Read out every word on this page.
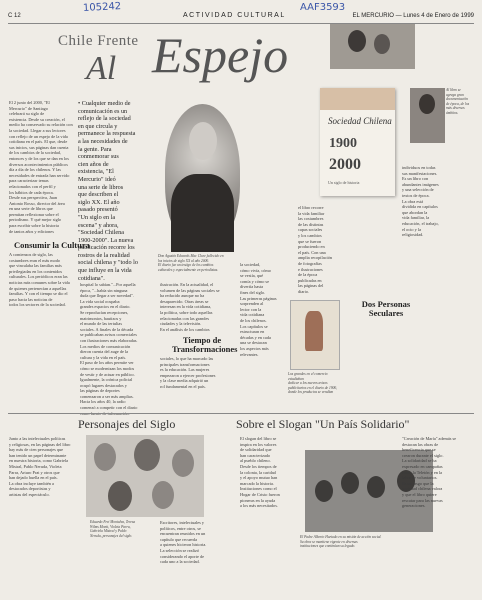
105242	AAF3593
C 12	ACTIVIDAD CULTURAL	EL MERCURIO — Lunes 4 de Enero de 1999
Chile Frente
Al Espejo
El 2 junio del 2000, "El
Mercurio" de Santiago
celebrará su siglo de
existencia. Desde su creación, el
medio ha conservado su relación con
la sociedad. Llegar a sus lectores
con reflejo de un espejo de la vida
cotidiana en el país. El que, desde
sus inicios, sus páginas dan cuenta
de los cambios de la sociedad,
entonces y de los que se dan en los
diversos acontecimientos públicos
día a día de los chilenos. Y las
necesidades de entrada han servido
para caracterizar temas
relacionados con el perfil y
los hábitos de cada época.
Desde sus perspectiva, Juan
Antonio Rosso, director del área
en una serie de libros que
permitan reflexionar sobre el
periodismo. Y qué mejor siglo
para escribir sobre la historia
de tantos años y ediciones
Consumir la Cultura
A comienzos de siglo, las
costumbres eran el más modo
que vinculaba las familias más
privilegiadas en los contenidos
culturales. Los periódicos eran las
noticias más comunes sobre la vida
de quienes pertenecían a aquellas
familias. Y con el tiempo se dio el
paso hacia las noticias de
todos los sectores de la sociedad.
• Cualquier medio de
comunicación es un
reflejo de la sociedad
en que circula y
permanece la respuesta
a las necesidades de
la gente. Para
conmemorar sus
cien años de
existencia, "El
Mercurio" ideó
una serie de libros
que describen el
siglo XX. El año
pasado presentó
"Un siglo en la
escena" y ahora,
"Sociedad Chilena
1900-2000". La nueva
publicación recorre los
rostros de la realidad
social chilena y "todo lo
que influye en la vida
cotidiana".
Don Agustín Edwards Mac Clure fallecido en
los inicios de siglo XX al año 2000.
El diario fue un testigo de los cambios
culturales y especialmente en periodistas.
hospital lo sabían."...Por aquella
época, "...había sin ninguna
duda que llegar a ser novedad".
La vida social ocupaba
grandes espacios en el diario.
Se reproducían recepciones,
matrimonios, bautizos y
el mundo de las tertulias
sociales. A finales de la década
se publicaban avisos comerciales
con ilustraciones más elaboradas.
Los medios de comunicación
dieron cuenta del auge de la
cultura y la vida en el país.
El paso de los años permite ver
cómo se modernizan los modos
de vestir y de actuar en público.
Igualmente, la crónica policial
ocupó lugares destacados y
las páginas de deportes
comenzaron a ser más amplias.
Hacia los años 40, la radio
comenzó a competir con el diario
como fuente de información.
ilustración. En la actualidad, el
volumen de las páginas sociales se
ha reducido aunque no ha
desaparecido. Otras áreas se
interesan en la vida cotidiana,
la política, sobre todo aquellas
relacionadas con las grandes
ciudades y la televisión.
En el análisis de los cambios
Tiempo de Transformaciones
sociales, lo que ha marcado las
principales transformaciones
es la educación. Las mujeres
empezaron a ejercer profesiones
y la clase media adquirió un
rol fundamental en el país.
la sociedad,
cómo vivía, cómo
se vestía, qué
comía y cómo se
divertía hasta
fines del siglo.
Las primeras páginas
sorprenden al
lector con la
vida cotidiana
de los chilenos.
Los capítulos se
estructuran en
décadas y en cada
una se destacan
los aspectos más
relevantes.
Al libro se
agrega gran
documentación
de época, de los
más diversos
ámbitos.
Sociedad Chilena
1900
2000
Un siglo de historia
el libro recorre
la vida familiar
las costumbres
de las distintas
capas sociales
y los cambios
que se fueron
produciendo en
el país. Con una
amplia recopilación
de fotografías
e ilustraciones
de la época
publicadas en
las páginas del
diario.
Los grandes en el comercio estudiaban
dedicar a los nuevos avisos
publicitarios en el diario de 1900,
donde los productos se vendían
Dos Personas Seculares
individuos en todas
sus manifestaciones.
Es un libro con
abundantes imágenes
y una selección de
textos de época.
La obra está
dividida en capítulos
que abordan la
vida familiar, la
educación, el trabajo,
el ocio y la
religiosidad.
Personajes del Siglo
Junto a las intelectuales políticas
y religiosas, en las páginas del libro
hay más de cien personajes que
han tenido un papel determinante
en nuestra historia, como Gabriela
Mistral, Pablo Neruda, Violeta
Parra, Arturo Prat y otros que
han dejado huella en el país.
La obra incluye también a
destacados deportistas y
artistas del espectáculo.
Eduardo Frei Montalva, Teresa
Wilms Montt, Violeta Parra,
Gabriela Mistral y Pablo
Neruda, personajes del siglo.
Escritores, intelectuales y
políticos, entre otros, se
encuentran reunidos en un
capítulo que recuerda
a quienes hicieron historia.
La selección se realizó
considerando el aporte de
cada uno a la sociedad.
Sobre el Slogan "Un País Solidario"
El slogan del libro se
inspira en los valores
de solidaridad que
han caracterizado
al pueblo chileno.
Desde los tiempos de
la colonia, la caridad
y el apoyo mutuo han
marcado la historia.
Instituciones como el
Hogar de Cristo fueron
pioneras en la ayuda
a los más necesitados.
El Padre Alberto Hurtado en su misión de acción social.
Su obra se mantiene vigente en diversas
instituciones que continúan su legado.
"Creación de María" además se
destacan las obras de
beneficencia que se
crearon durante el siglo.
La solidaridad se ha
expresado en campañas
como la Teletón y en la
labor de voluntarios.
Es un rasgo que la
sociedad chilena valora
y que el libro quiere
rescatar para las nuevas
generaciones.
